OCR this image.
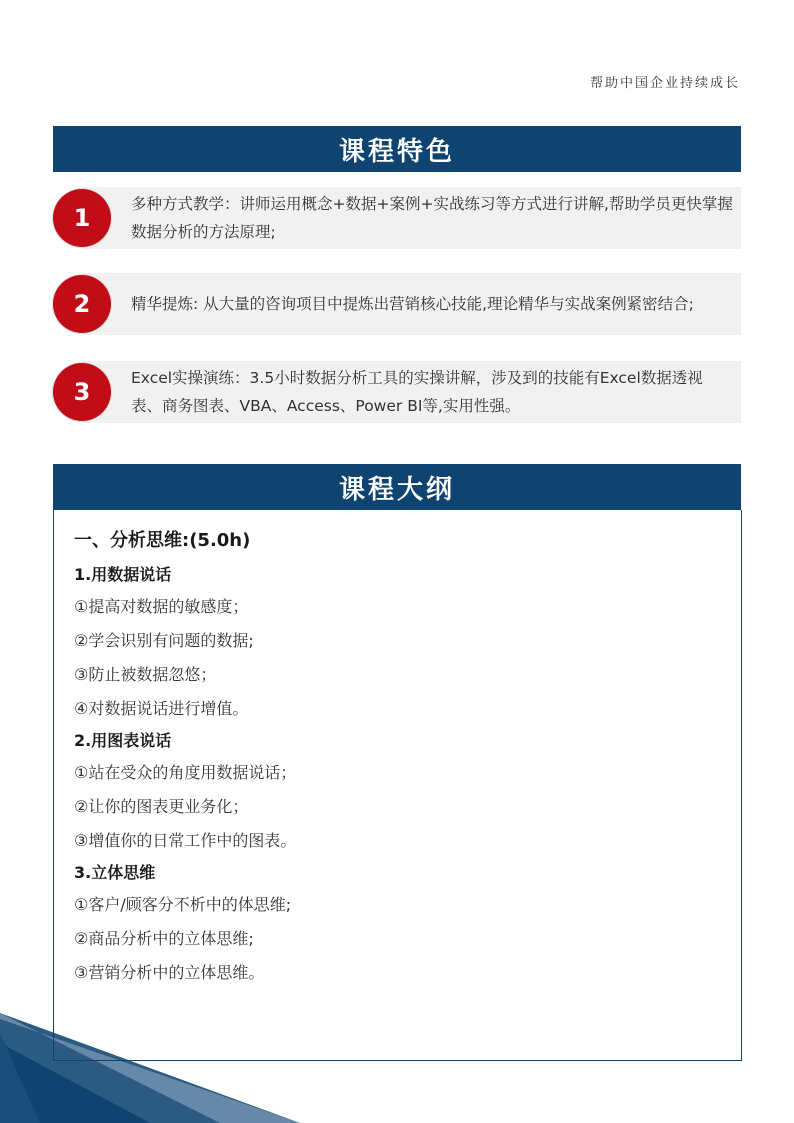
帮助中国企业持续成长
课程特色
1	多种方式教学：讲师运用概念+数据+案例+实战练习等方式进行讲解,帮助学员更快掌握数据分析的方法原理;
2	精华提炼: 从大量的咨询项目中提炼出营销核心技能,理论精华与实战案例紧密结合;
3	Excel实操演练：3.5小时数据分析工具的实操讲解，涉及到的技能有Excel数据透视表、商务图表、VBA、Access、Power BI等,实用性强。
课程大纲
一、分析思维:(5.0h)
1.用数据说话
①提高对数据的敏感度；
②学会识别有问题的数据;
③防止被数据忽悠；
④对数据说话进行增值。
2.用图表说话
①站在受众的角度用数据说话；
②让你的图表更业务化；
③增值你的日常工作中的图表。
3.立体思维
①客户/顾客分不析中的体思维;
②商品分析中的立体思维;
③营销分析中的立体思维。
